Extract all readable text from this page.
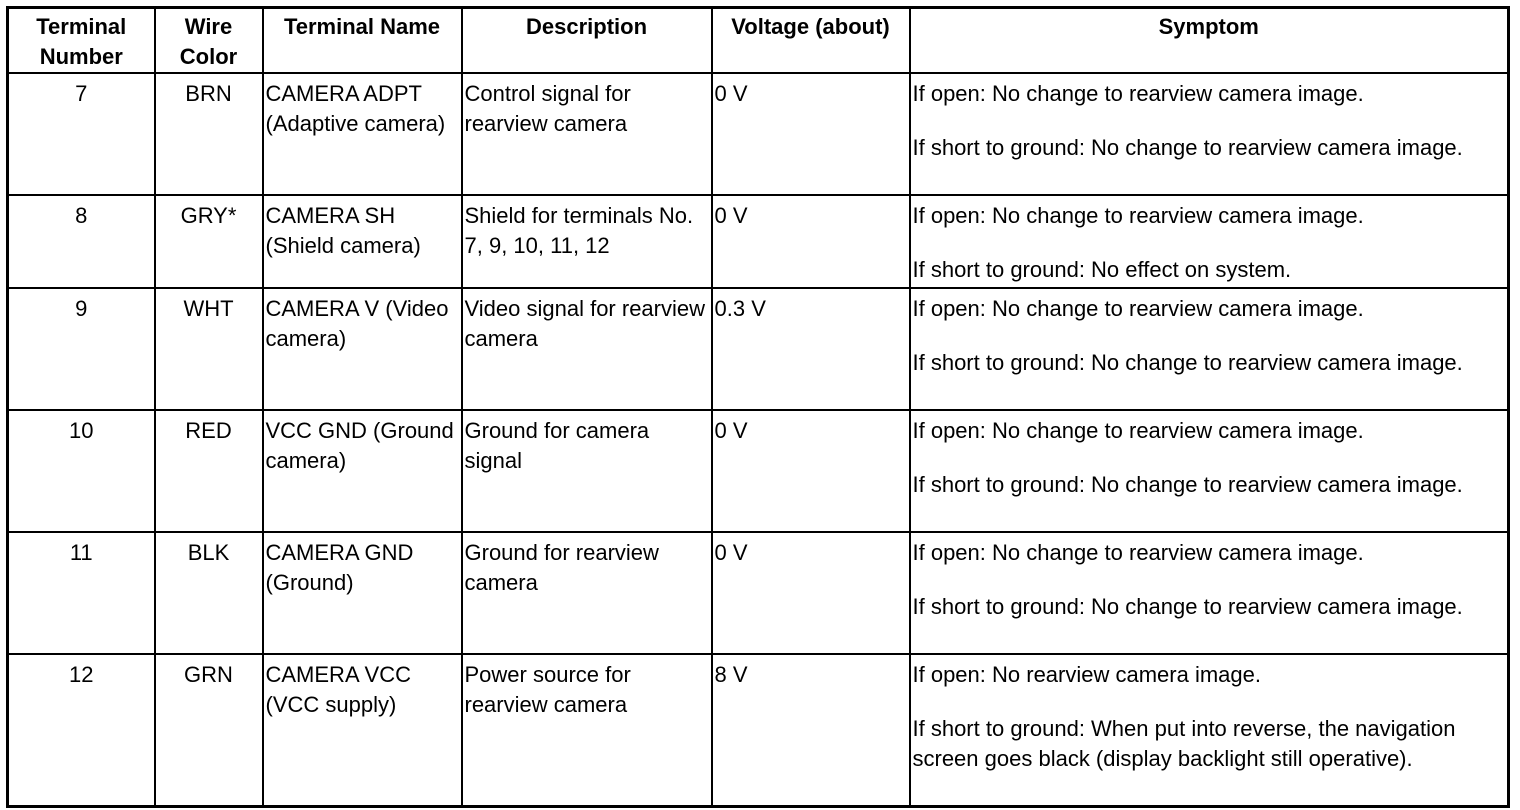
Terminal Number	Wire Color	Terminal Name	Description	Voltage (about)	Symptom
7	BRN	CAMERA ADPT (Adaptive camera)	Control signal for rearview camera	0 V	If open: No change to rearview camera image.
If short to ground: No change to rearview camera image.

8	GRY*	CAMERA SH (Shield camera)	Shield for terminals No. 7, 9, 10, 11, 12	0 V	If open: No change to rearview camera image.
If short to ground: No effect on system.

9	WHT	CAMERA V (Video camera)	Video signal for rearview camera	0.3 V	If open: No change to rearview camera image.
If short to ground: No change to rearview camera image.

10	RED	VCC GND (Ground camera)	Ground for camera signal	0 V	If open: No change to rearview camera image.
If short to ground: No change to rearview camera image.

11	BLK	CAMERA GND (Ground)	Ground for rearview camera	0 V	If open: No change to rearview camera image.
If short to ground: No change to rearview camera image.

12	GRN	CAMERA VCC (VCC supply)	Power source for rearview camera	8 V	If open: No rearview camera image.
If short to ground: When put into reverse, the navigation screen goes black (display backlight still operative).
